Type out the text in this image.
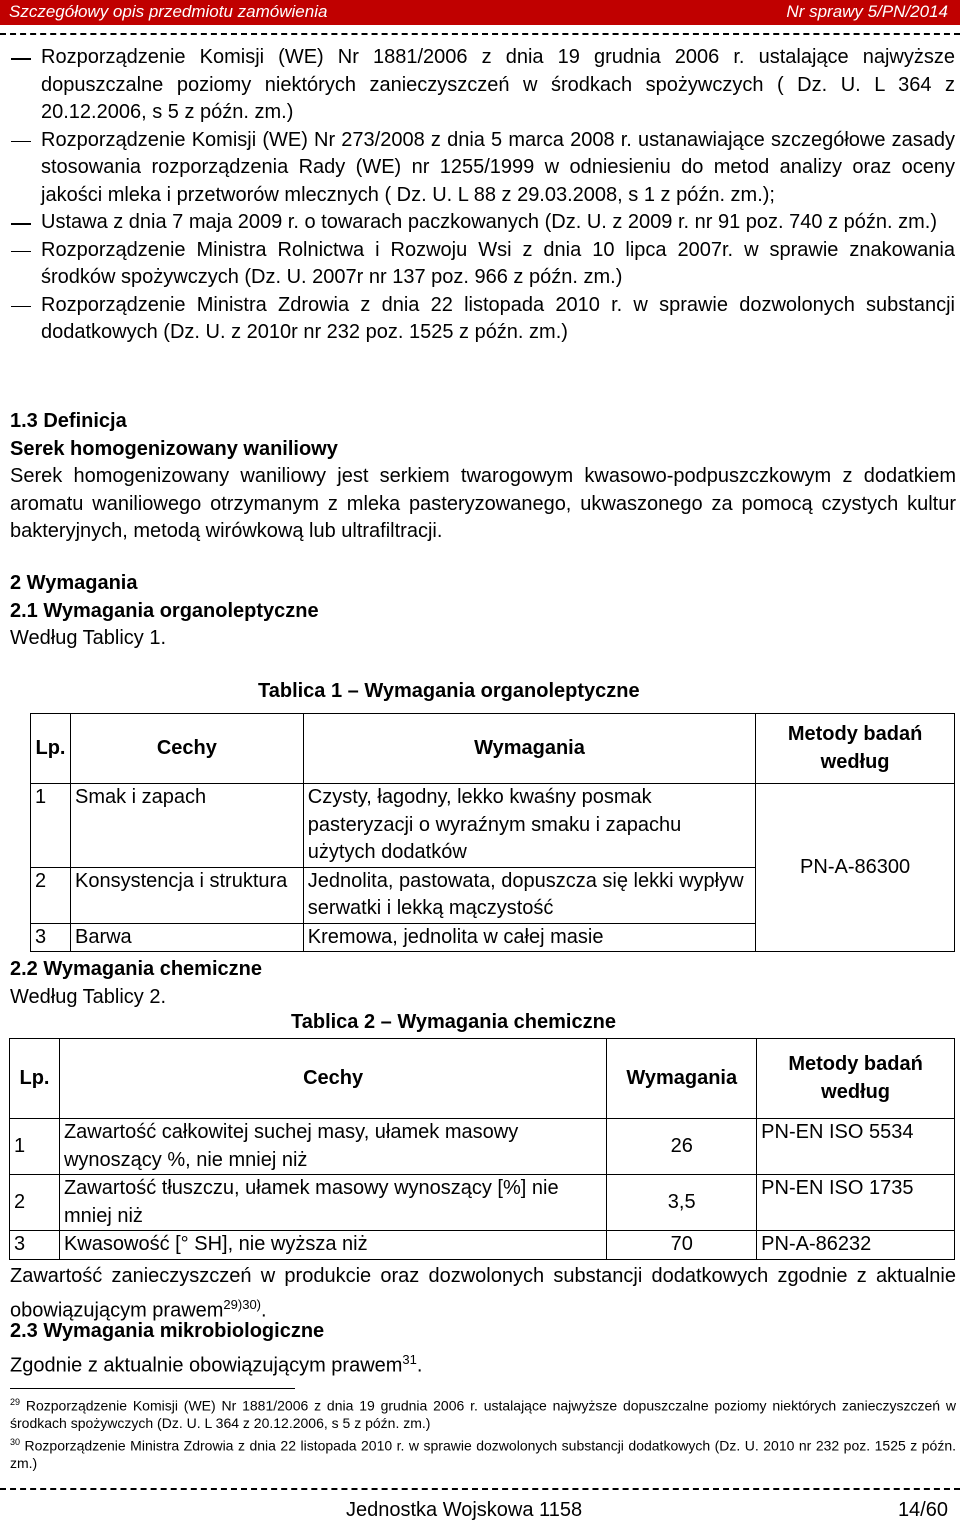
Szczegółowy opis przedmiotu zamówienia	Nr sprawy 5/PN/2014
Rozporządzenie Komisji (WE) Nr 1881/2006 z dnia 19 grudnia 2006 r. ustalające najwyższe dopuszczalne poziomy niektórych zanieczyszczeń w środkach spożywczych ( Dz. U. L 364 z 20.12.2006, s 5 z późn. zm.)
Rozporządzenie Komisji (WE) Nr 273/2008 z dnia 5 marca 2008 r. ustanawiające szczegółowe zasady stosowania rozporządzenia Rady (WE) nr 1255/1999 w odniesieniu do metod analizy oraz oceny jakości mleka i przetworów mlecznych ( Dz. U. L 88 z 29.03.2008, s 1 z późn. zm.);
Ustawa z dnia 7 maja 2009 r. o towarach paczkowanych (Dz. U. z 2009 r. nr 91 poz. 740 z późn. zm.)
Rozporządzenie Ministra Rolnictwa i Rozwoju Wsi z dnia 10 lipca 2007r. w sprawie znakowania środków spożywczych (Dz. U. 2007r nr 137 poz. 966 z późn. zm.)
Rozporządzenie Ministra Zdrowia z dnia 22 listopada 2010 r. w sprawie dozwolonych substancji dodatkowych (Dz. U. z 2010r nr 232 poz. 1525 z późn. zm.)
1.3 Definicja
Serek homogenizowany waniliowy
Serek homogenizowany waniliowy jest serkiem twarogowym kwasowo-podpuszczkowym z dodatkiem aromatu waniliowego otrzymanym z mleka pasteryzowanego, ukwaszonego za pomocą czystych kultur bakteryjnych, metodą wirówkową lub ultrafiltracji.
2 Wymagania
2.1 Wymagania organoleptyczne
Według Tablicy 1.
Tablica 1 – Wymagania organoleptyczne
Lp.	Cechy	Wymagania	Metody badań według
1	Smak i zapach	Czysty, łagodny, lekko kwaśny posmak pasteryzacji o wyraźnym smaku i zapachu użytych dodatków	PN-A-86300
2	Konsystencja i struktura	Jednolita, pastowata, dopuszcza się lekki wypływ serwatki i lekką mączystość	
3	Barwa	Kremowa, jednolita w całej masie	
2.2 Wymagania chemiczne
Według Tablicy 2.
Tablica 2 – Wymagania chemiczne
Lp.	Cechy	Wymagania	Metody badań według
1	Zawartość całkowitej suchej masy, ułamek masowy wynoszący %, nie mniej niż	26	PN-EN ISO 5534
2	Zawartość tłuszczu, ułamek masowy wynoszący [%] nie mniej niż	3,5	PN-EN ISO 1735
3	Kwasowość [° SH], nie wyższa niż	70	PN-A-86232
Zawartość zanieczyszczeń w produkcie oraz dozwolonych substancji dodatkowych zgodnie z aktualnie obowiązującym prawem$^{29)30)}$.
2.3 Wymagania mikrobiologiczne
Zgodnie z aktualnie obowiązującym prawem$^{31}$.
$^{29}$ Rozporządzenie Komisji (WE) Nr 1881/2006 z dnia 19 grudnia 2006 r. ustalające najwyższe dopuszczalne poziomy niektórych zanieczyszczeń w środkach spożywczych (Dz. U. L 364 z 20.12.2006, s 5 z późn. zm.)
$^{30}$ Rozporządzenie Ministra Zdrowia z dnia 22 listopada 2010 r. w sprawie dozwolonych substancji dodatkowych (Dz. U. 2010 nr 232 poz. 1525 z późn. zm.)
Jednostka Wojskowa 1158	14/60
